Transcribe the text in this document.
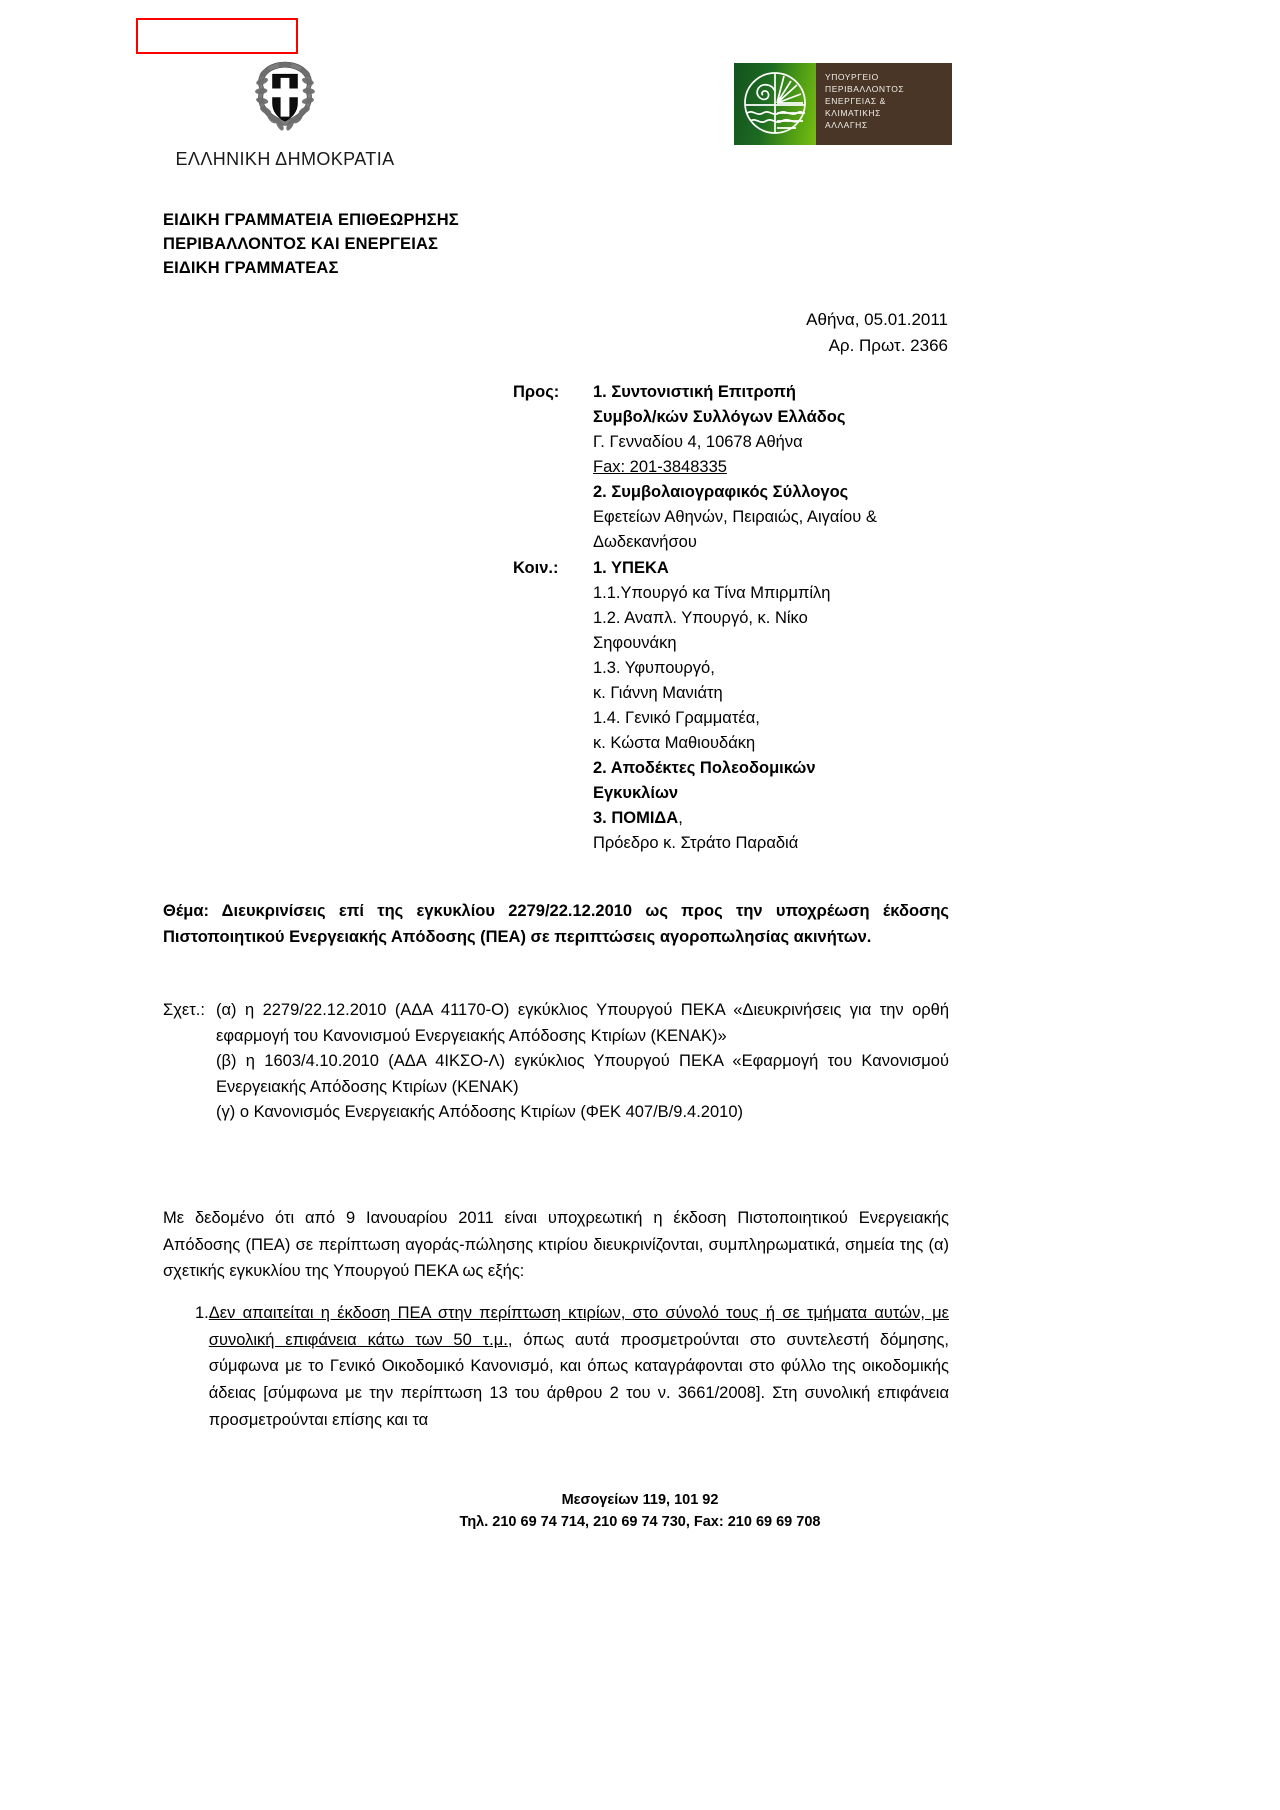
ΕΛΛΗΝΙΚΗ ΔΗΜΟΚΡΑΤΙΑ
ΥΠΟΥΡΓΕΙΟ
ΠΕΡΙΒΑΛΛΟΝΤΟΣ
ΕΝΕΡΓΕΙΑΣ &
ΚΛΙΜΑΤΙΚΗΣ
ΑΛΛΑΓΗΣ
ΕΙΔΙΚΗ ΓΡΑΜΜΑΤΕΙΑ ΕΠΙΘΕΩΡΗΣΗΣ
ΠΕΡΙΒΑΛΛΟΝΤΟΣ ΚΑΙ ΕΝΕΡΓΕΙΑΣ
ΕΙΔΙΚΗ ΓΡΑΜΜΑΤΕΑΣ
Αθήνα, 05.01.2011
Αρ. Πρωτ. 2366
Προς:	1. Συντονιστική Επιτροπή
Συμβολ/κών Συλλόγων Ελλάδος
Γ. Γενναδίου 4, 10678 Αθήνα
Fax: 201-3848335
2. Συμβολαιογραφικός Σύλλογος
Εφετείων Αθηνών, Πειραιώς, Αιγαίου &
Δωδεκανήσου
Κοιν.:	1. ΥΠΕΚΑ
1.1.Υπουργό κα Τίνα Μπιρμπίλη
1.2. Αναπλ. Υπουργό, κ. Νίκο
Σηφουνάκη
1.3. Υφυπουργό,
κ. Γιάννη Μανιάτη
1.4. Γενικό Γραμματέα,
κ. Κώστα Μαθιουδάκη
2. Αποδέκτες Πολεοδομικών
Εγκυκλίων
3. ΠΟΜΙΔΑ,
Πρόεδρο κ. Στράτο Παραδιά
Θέμα: Διευκρινίσεις επί της εγκυκλίου 2279/22.12.2010 ως προς την υποχρέωση έκδοσης Πιστοποιητικού Ενεργειακής Απόδοσης (ΠΕΑ) σε περιπτώσεις αγοροπωλησίας ακινήτων.
Σχετ.: (α) η 2279/22.12.2010 (ΑΔΑ 41170-Ο) εγκύκλιος Υπουργού ΠΕΚΑ «Διευκρινήσεις για την ορθή εφαρμογή του Κανονισμού Ενεργειακής Απόδοσης Κτιρίων (ΚΕΝΑΚ)»

(β) η 1603/4.10.2010 (ΑΔΑ 4ΙΚΣΟ-Λ) εγκύκλιος Υπουργού ΠΕΚΑ «Εφαρμογή του Κανονισμού Ενεργειακής Απόδοσης Κτιρίων (ΚΕΝΑΚ)

(γ) ο Κανονισμός Ενεργειακής Απόδοσης Κτιρίων (ΦΕΚ 407/Β/9.4.2010)

Με δεδομένο ότι από 9 Ιανουαρίου 2011 είναι υποχρεωτική η έκδοση Πιστοποιητικού Ενεργειακής Απόδοσης (ΠΕΑ) σε περίπτωση αγοράς-πώλησης κτιρίου διευκρινίζονται, συμπληρωματικά, σημεία της (α) σχετικής εγκυκλίου της Υπουργού ΠΕΚΑ ως εξής:
1. Δεν απαιτείται η έκδοση ΠΕΑ στην περίπτωση κτιρίων, στο σύνολό τους ή σε τμήματα αυτών, με συνολική επιφάνεια κάτω των 50 τ.μ., όπως αυτά προσμετρούνται στο συντελεστή δόμησης, σύμφωνα με το Γενικό Οικοδομικό Κανονισμό, και όπως καταγράφονται στο φύλλο της οικοδομικής άδειας [σύμφωνα με την περίπτωση 13 του άρθρου 2 του ν. 3661/2008]. Στη συνολική επιφάνεια προσμετρούνται επίσης και τα
Μεσογείων 119, 101 92
Τηλ. 210 69 74 714, 210 69 74 730, Fax: 210 69 69 708
